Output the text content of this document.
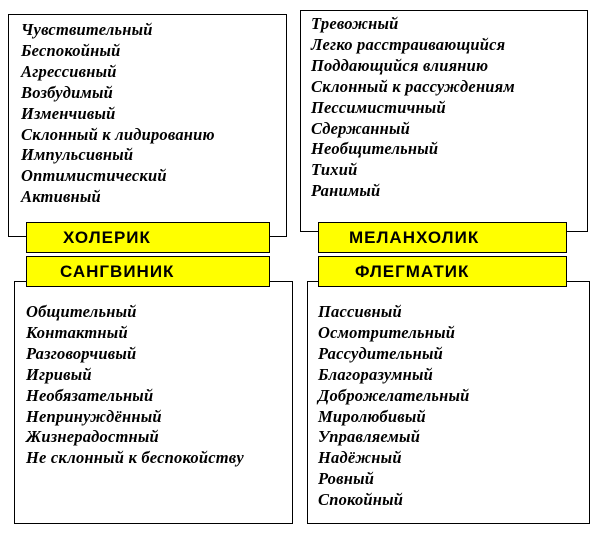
Чувствительный
Беспокойный
Агрессивный
Возбудимый
Изменчивый
Склонный к лидированию
Импульсивный
Оптимистический
Активный
Тревожный
Легко расстраивающийся
Поддающийся влиянию
Склонный к рассуждениям
Пессимистичный
Сдержанный
Необщительный
Тихий
Ранимый
Общительный
Контактный
Разговорчивый
Игривый
Необязательный
Непринуждённый
Жизнерадостный
Не склонный к беспокойству
Пассивный
Осмотрительный
Рассудительный
Благоразумный
Доброжелательный
Миролюбивый
Управляемый
Надёжный
Ровный
Спокойный
ХОЛЕРИК
САНГВИНИК
МЕЛАНХОЛИК
ФЛЕГМАТИК
